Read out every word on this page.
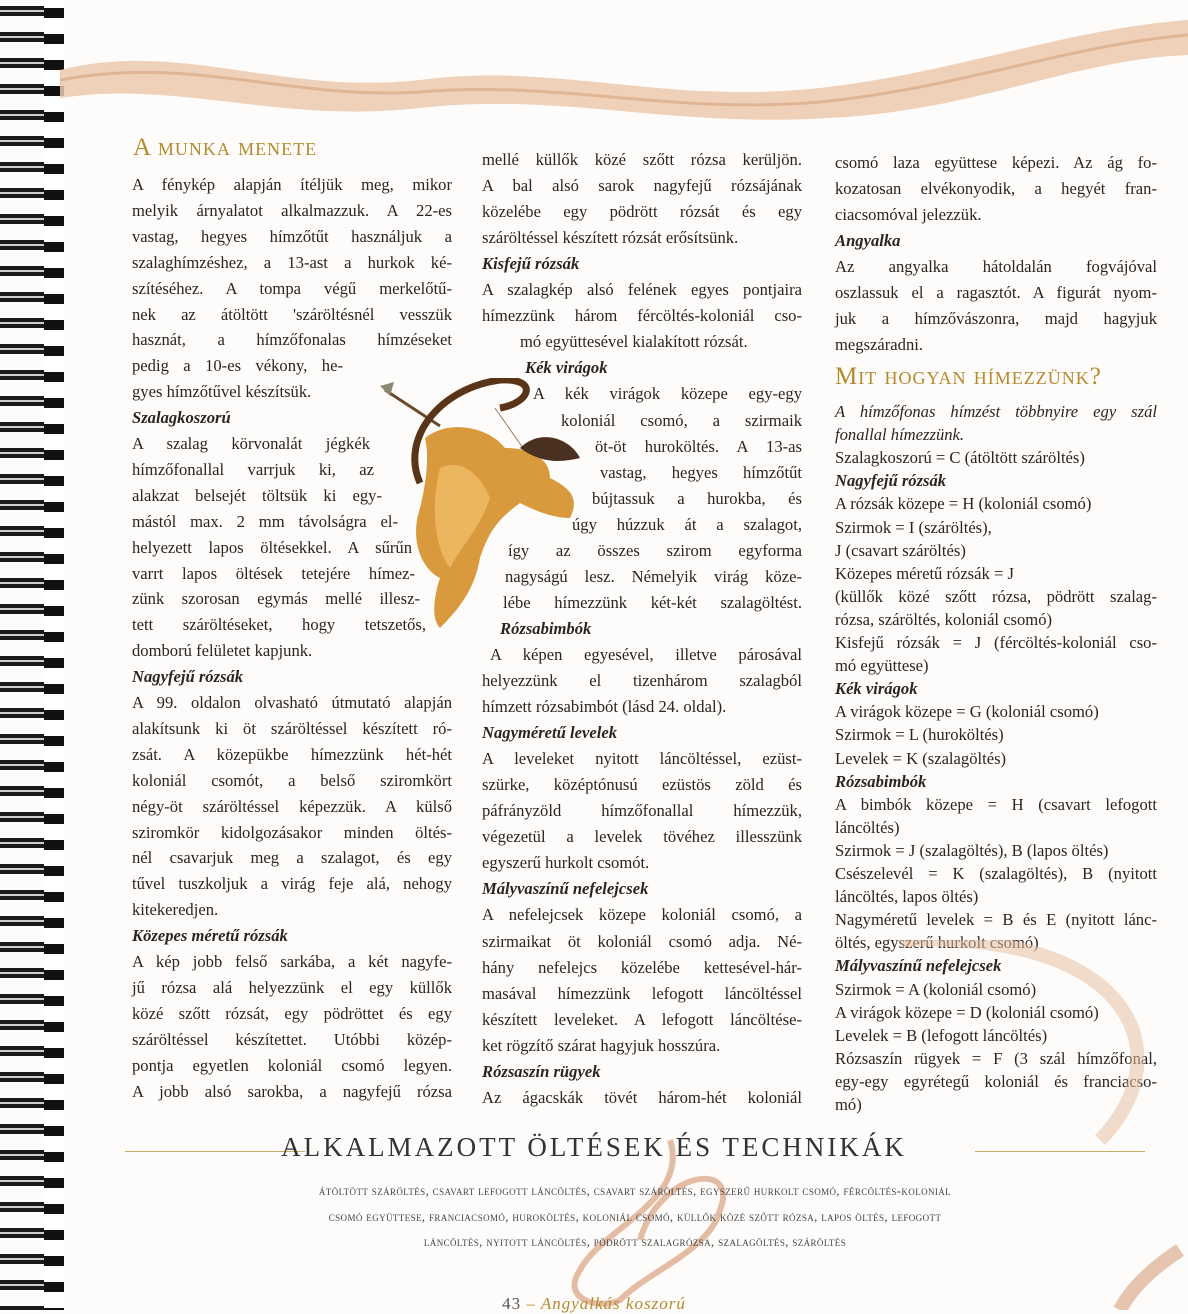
A munka menete
A fénykép alapján ítéljük meg, mikor
melyik árnyalatot alkalmazzuk. A 22-es
vastag, hegyes hímzőtűt használjuk a
szalaghímzéshez, a 13-ast a hurkok ké-
szítéséhez. A tompa végű merkelőtű-
nek az átöltött 'száröltésnél vesszük
hasznát, a hímzőfonalas hímzéseket
pedig a 10-es vékony, he-
gyes hímzőtűvel készítsük.
Szalagkoszorú
A szalag körvonalát jégkék
hímzőfonallal varrjuk ki, az
alakzat belsejét töltsük ki egy-
mástól max. 2 mm távolságra el-
helyezett lapos öltésekkel. A sűrűn
varrt lapos öltések tetejére hímez-
zünk szorosan egymás mellé illesz-
tett száröltéseket, hogy tetszetős,
domború felületet kapjunk.
Nagyfejű rózsák
A 99. oldalon olvasható útmutató alapján
alakítsunk ki öt száröltéssel készített ró-
zsát. A közepükbe hímezzünk hét-hét
koloniál csomót, a belső sziromkört
négy-öt száröltéssel képezzük. A külső
sziromkör kidolgozásakor minden öltés-
nél csavarjuk meg a szalagot, és egy
tűvel tuszkoljuk a virág feje alá, nehogy
kitekeredjen.
Közepes méretű rózsák
A kép jobb felső sarkába, a két nagyfe-
jű rózsa alá helyezzünk el egy küllők
közé szőtt rózsát, egy pödröttet és egy
száröltéssel készítettet. Utóbbi közép-
pontja egyetlen koloniál csomó legyen.
A jobb alsó sarokba, a nagyfejű rózsa
mellé küllők közé szőtt rózsa kerüljön.
A bal alsó sarok nagyfejű rózsájának
közelébe egy pödrött rózsát és egy
száröltéssel készített rózsát erősítsünk.
Kisfejű rózsák
A szalagkép alsó felének egyes pontjaira
hímezzünk három fércöltés-koloniál cso-
mó együttesével kialakított rózsát.
Kék virágok
A kék virágok közepe egy-egy
koloniál csomó, a szirmaik
öt-öt huroköltés. A 13-as
vastag, hegyes hímzőtűt
bújtassuk a hurokba, és
úgy húzzuk át a szalagot,
így az összes szirom egyforma
nagyságú lesz. Némelyik virág köze-
lébe hímezzünk két-két szalagöltést.
Rózsabimbók
A képen egyesével, illetve párosával
helyezzünk el tizenhárom szalagból
hímzett rózsabimbót (lásd 24. oldal).
Nagyméretű levelek
A leveleket nyitott láncöltéssel, ezüst-
szürke, középtónusú ezüstös zöld és
páfrányzöld hímzőfonallal hímezzük,
végezetül a levelek tövéhez illesszünk
egyszerű hurkolt csomót.
Mályvaszínű nefelejcsek
A nefelejcsek közepe koloniál csomó, a
szirmaikat öt koloniál csomó adja. Né-
hány nefelejcs közelébe kettesével-hár-
masával hímezzünk lefogott láncöltéssel
készített leveleket. A lefogott láncöltése-
ket rögzítő szárat hagyjuk hosszúra.
Rózsaszín rügyek
Az ágacskák tövét három-hét koloniál
csomó laza együttese képezi. Az ág fo-
kozatosan elvékonyodik, a hegyét fran-
ciacsomóval jelezzük.
Angyalka
Az angyalka hátoldalán fogvájóval
oszlassuk el a ragasztót. A figurát nyom-
juk a hímzővászonra, majd hagyjuk
megszáradni.
Mit hogyan hímezzünk?
A hímzőfonas hímzést többnyire egy szál
fonallal hímezzünk.
Szalagkoszorú = C (átöltött száröltés)
Nagyfejű rózsák
A rózsák közepe = H (koloniál csomó)
Szirmok = I (száröltés),
J (csavart száröltés)
Közepes méretű rózsák = J
(küllők közé szőtt rózsa, pödrött szalag-
rózsa, száröltés, koloniál csomó)
Kisfejű rózsák = J (fércöltés-koloniál cso-
mó együttese)
Kék virágok
A virágok közepe = G (koloniál csomó)
Szirmok = L (huroköltés)
Levelek = K (szalagöltés)
Rózsabimbók
A bimbók közepe = H (csavart lefogott
láncöltés)
Szirmok = J (szalagöltés), B (lapos öltés)
Csészelevél = K (szalagöltés), B (nyitott
láncöltés, lapos öltés)
Nagyméretű levelek = B és E (nyitott lánc-
öltés, egyszerű hurkolt csomó)
Mályvaszínű nefelejcsek
Szirmok = A (koloniál csomó)
A virágok közepe = D (koloniál csomó)
Levelek = B (lefogott láncöltés)
Rózsaszín rügyek = F (3 szál hímzőfonal,
egy-egy egyrétegű koloniál és franciacso-
mó)
ALKALMAZOTT ÖLTÉSEK ÉS TECHNIKÁK
átöltött száröltés, csavart lefogott láncöltés, csavart száröltés, egyszerű hurkolt csomó, fércöltés-koloniál
csomó együttese, franciacsomó, huroköltés, koloniál csomó, küllők közé szőtt rózsa, lapos öltés, lefogott
láncöltés, nyitott láncöltés, pödrött szalagrózsa, szalagöltés, száröltés
43 – Angyalkás koszorú
